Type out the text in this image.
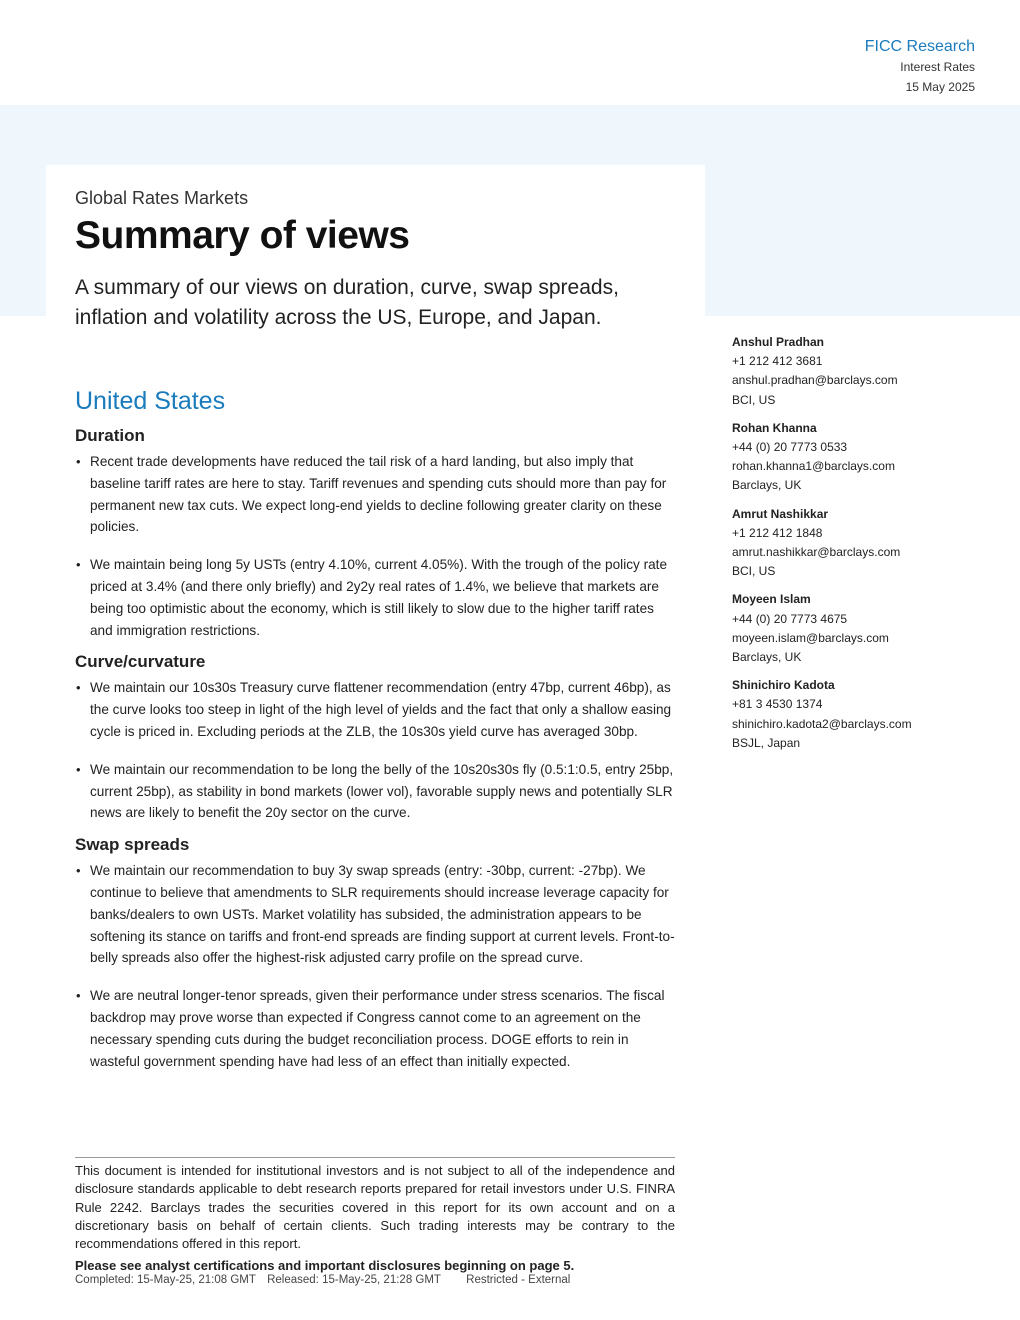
FICC Research
Interest Rates
15 May 2025
Global Rates Markets
Summary of views
A summary of our views on duration, curve, swap spreads, inflation and volatility across the US, Europe, and Japan.
United States
Duration
• Recent trade developments have reduced the tail risk of a hard landing, but also imply that baseline tariff rates are here to stay. Tariff revenues and spending cuts should more than pay for permanent new tax cuts. We expect long-end yields to decline following greater clarity on these policies.
• We maintain being long 5y USTs (entry 4.10%, current 4.05%). With the trough of the policy rate priced at 3.4% (and there only briefly) and 2y2y real rates of 1.4%, we believe that markets are being too optimistic about the economy, which is still likely to slow due to the higher tariff rates and immigration restrictions.
Curve/curvature
• We maintain our 10s30s Treasury curve flattener recommendation (entry 47bp, current 46bp), as the curve looks too steep in light of the high level of yields and the fact that only a shallow easing cycle is priced in. Excluding periods at the ZLB, the 10s30s yield curve has averaged 30bp.
• We maintain our recommendation to be long the belly of the 10s20s30s fly (0.5:1:0.5, entry 25bp, current 25bp), as stability in bond markets (lower vol), favorable supply news and potentially SLR news are likely to benefit the 20y sector on the curve.
Swap spreads
• We maintain our recommendation to buy 3y swap spreads (entry: -30bp, current: -27bp). We continue to believe that amendments to SLR requirements should increase leverage capacity for banks/dealers to own USTs. Market volatility has subsided, the administration appears to be softening its stance on tariffs and front-end spreads are finding support at current levels. Front-to-belly spreads also offer the highest-risk adjusted carry profile on the spread curve.
• We are neutral longer-tenor spreads, given their performance under stress scenarios. The fiscal backdrop may prove worse than expected if Congress cannot come to an agreement on the necessary spending cuts during the budget reconciliation process. DOGE efforts to rein in wasteful government spending have had less of an effect than initially expected.
Anshul Pradhan
+1 212 412 3681
anshul.pradhan@barclays.com
BCI, US
Rohan Khanna
+44 (0) 20 7773 0533
rohan.khanna1@barclays.com
Barclays, UK
Amrut Nashikkar
+1 212 412 1848
amrut.nashikkar@barclays.com
BCI, US
Moyeen Islam
+44 (0) 20 7773 4675
moyeen.islam@barclays.com
Barclays, UK
Shinichiro Kadota
+81 3 4530 1374
shinichiro.kadota2@barclays.com
BSJL, Japan
This document is intended for institutional investors and is not subject to all of the independence and disclosure standards applicable to debt research reports prepared for retail investors under U.S. FINRA Rule 2242. Barclays trades the securities covered in this report for its own account and on a discretionary basis on behalf of certain clients. Such trading interests may be contrary to the recommendations offered in this report.
Please see analyst certifications and important disclosures beginning on page 5.
Completed: 15-May-25, 21:08 GMT Released: 15-May-25, 21:28 GMT Restricted - External
